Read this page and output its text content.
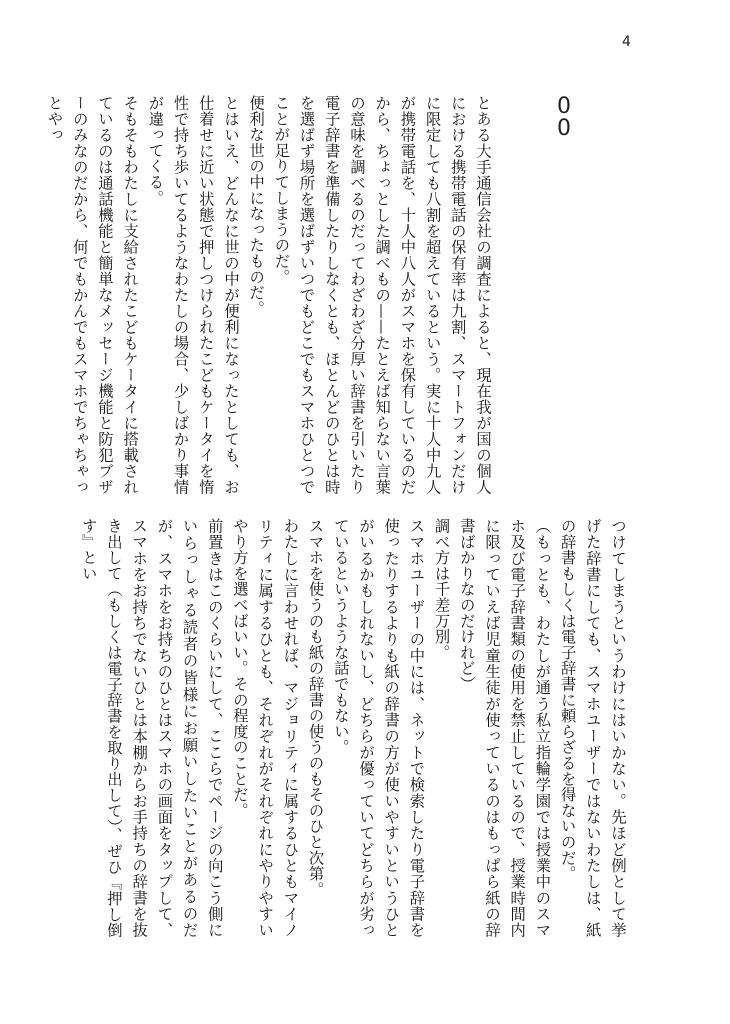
4
0
0

とある大手通信会社の調査によると、現在我が国の個人における携帯電話の保有率は九割、スマートフォンだけに限定しても八割を超えているという。実に十人中九人が携帯電話を、十人中八人がスマホを保有しているのだから、ちょっとした調べもの——たとえば知らない言葉の意味を調べるのだってわざわざ分厚い辞書を引いたり電子辞書を準備したりしなくとも、ほとんどのひとは時を選ばず場所を選ばずいつでもどこでもスマホひとつでことが足りてしまうのだ。

便利な世の中になったものだ。

とはいえ、どんなに世の中が便利になったとしても、お仕着せに近い状態で押しつけられたこどもケータイを惰性で持ち歩いてるようなわたしの場合、少しばかり事情が違ってくる。

そもそもわたしに支給されたこどもケータイに搭載されているのは通話機能と簡単なメッセージ機能と防犯ブザーのみなのだから、何でもかんでもスマホでちゃちゃっとやっ

つけてしまうというわけにはいかない。先ほど例として挙げた辞書にしても、スマホユーザーではないわたしは、紙の辞書もしくは電子辞書に頼らざるを得ないのだ。

（もっとも、わたしが通う私立指輪学園では授業中のスマホ及び電子辞書類の使用を禁止しているので、授業時間内に限っていえば児童生徒が使っているのはもっぱら紙の辞書ばかりなのだけれど）

調べ方は千差万別。

スマホユーザーの中には、ネットで検索したり電子辞書を使ったりするよりも紙の辞書の方が使いやすいというひとがいるかもしれないし、どちらが優っていてどちらが劣っているというような話でもない。

スマホを使うのも紙の辞書の使うのもそのひと次第。

わたしに言わせれば、マジョリティに属するひともマイノリティに属するひとも、それぞれがそれぞれにやりやすいやり方を選べばいい。その程度のことだ。

前置きはこのくらいにして、ここらでページの向こう側にいらっしゃる読者の皆様にお願いしたいことがあるのだが、スマホをお持ちのひとはスマホの画面をタップして、スマホをお持ちでないひとは本棚からお手持ちの辞書を抜き出して（もしくは電子辞書を取り出して）、ぜひ『押し倒す』とい
